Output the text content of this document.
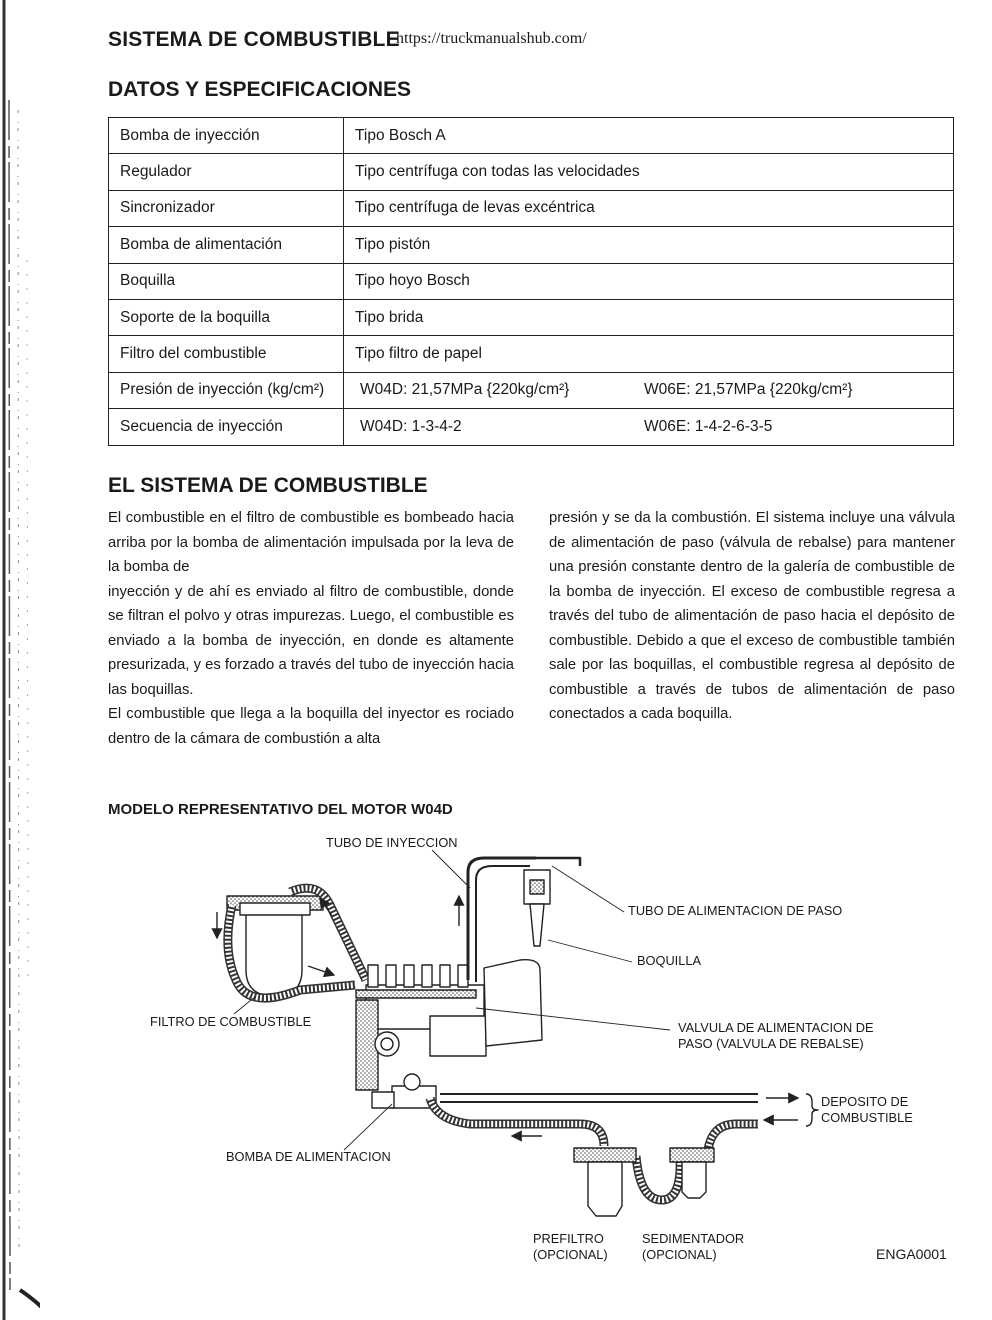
SISTEMA DE COMBUSTIBLE
https://truckmanualshub.com/
DATOS Y ESPECIFICACIONES
Bomba de inyección	Tipo Bosch A
Regulador	Tipo centrífuga con todas las velocidades
Sincronizador	Tipo centrífuga de levas excéntrica
Bomba de alimentación	Tipo pistón
Boquilla	Tipo hoyo Bosch
Soporte de la boquilla	Tipo brida
Filtro del combustible	Tipo filtro de papel
Presión de inyección (kg/cm²)	W04D: 21,57MPa {220kg/cm²} W06E: 21,57MPa {220kg/cm²}

Secuencia de inyección	W04D: 1-3-4-2 W06E: 1-4-2-6-3-5
EL SISTEMA DE COMBUSTIBLE

El combustible en el filtro de combustible es bombeado hacia arriba por la bomba de alimentación impulsada por la leva de la bomba de

inyección y de ahí es enviado al filtro de combustible, donde se filtran el polvo y otras impurezas. Luego, el combustible es enviado a la bomba de inyección, en donde es altamente presurizada, y es forzado a través del tubo de inyección hacia las boquillas.

El combustible que llega a la boquilla del inyector es rociado dentro de la cámara de combustión a alta

presión y se da la combustión. El sistema incluye una válvula de alimentación de paso (válvula de rebalse) para mantener una presión constante dentro de la galería de combustible de la bomba de inyección. El exceso de combustible regresa a través del tubo de alimentación de paso hacia el depósito de combustible. Debido a que el exceso de combustible también sale por las boquillas, el combustible regresa al depósito de combustible a través de tubos de alimentación de paso conectados a cada boquilla.

MODELO REPRESENTATIVO DEL MOTOR W04D
TUBO DE INYECCION
TUBO DE ALIMENTACION DE PASO
BOQUILLA
FILTRO DE COMBUSTIBLE	VALVULA DE ALIMENTACION DE
PASO (VALVULA DE REBALSE)
DEPOSITO DE
COMBUSTIBLE
BOMBA DE ALIMENTACION
PREFILTRO
(OPCIONAL)
SEDIMENTADOR
(OPCIONAL)	ENGA0001
